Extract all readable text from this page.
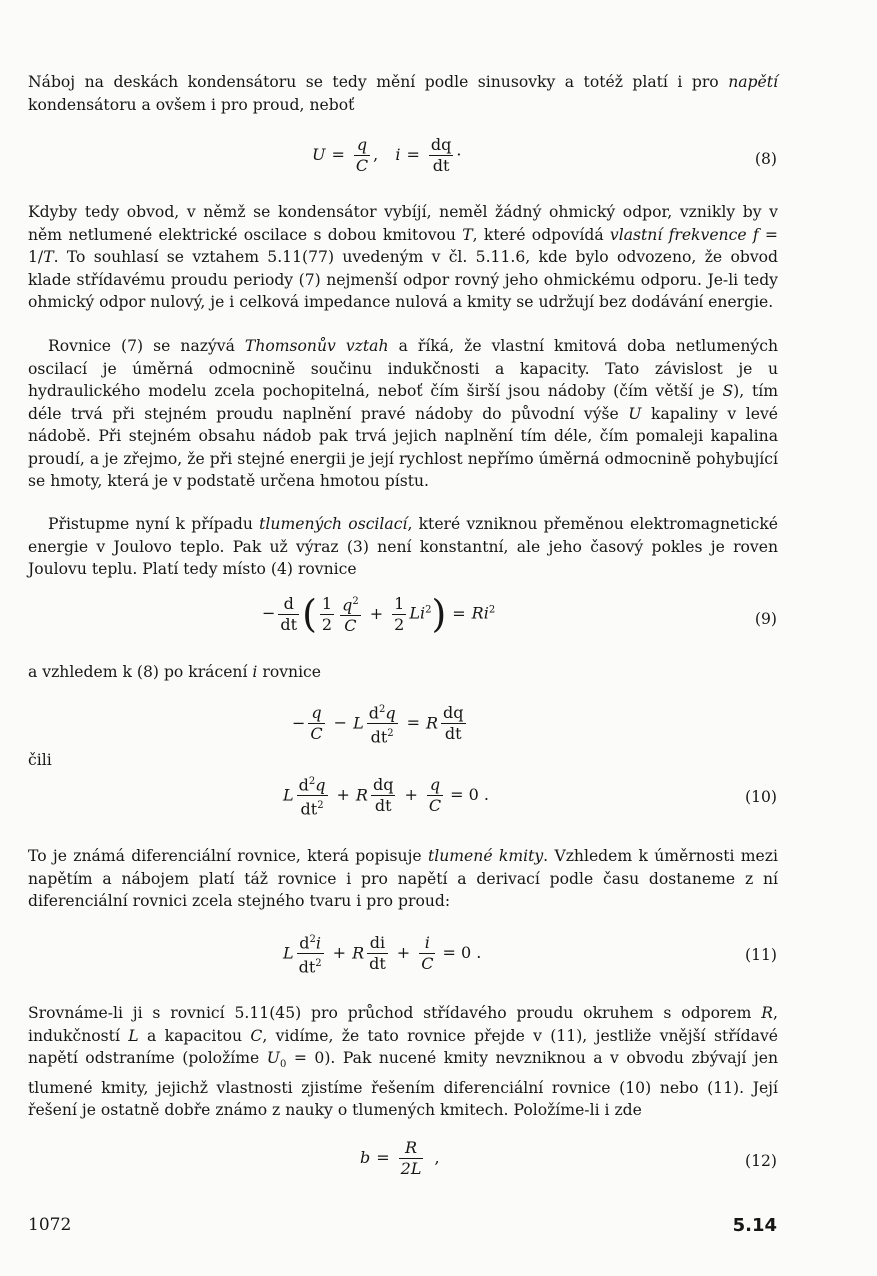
Náboj na deskách kondensátoru se tedy mění podle sinusovky a totéž platí i pro napětí kondensátoru a ovšem i pro proud, neboť

$U = \frac{q}{C}$ , $i = \frac{dq}{dt}$ ·	(8)

Kdyby tedy obvod, v němž se kondensátor vybíjí, neměl žádný ohmický odpor, vznikly by v něm netlumené elektrické oscilace s dobou kmitovou T, které odpovídá vlastní frekvence f = 1/T. To souhlasí se vztahem 5.11(77) uvedeným v čl. 5.11.6, kde bylo odvozeno, že obvod klade střídavému proudu periody (7) nejmenší odpor rovný jeho ohmickému odporu. Je-li tedy ohmický odpor nulový, je i celková impedance nulová a kmity se udržují bez dodávání energie.

Rovnice (7) se nazývá Thomsonův vztah a říká, že vlastní kmitová doba netlumených oscilací je úměrná odmocnině součinu indukčnosti a kapacity. Tato závislost je u hydraulického modelu zcela pochopitelná, neboť čím širší jsou nádoby (čím větší je S), tím déle trvá při stejném proudu naplnění pravé nádoby do původní výše U kapaliny v levé nádobě. Při stejném obsahu nádob pak trvá jejich naplnění tím déle, čím pomaleji kapalina proudí, a je zřejmo, že při stejné energii je její rychlost nepřímo úměrná odmocnině pohybující se hmoty, která je v podstatě určena hmotou pístu.

Přistupme nyní k případu tlumených oscilací, které vzniknou přeměnou elektromagnetické energie v Joulovo teplo. Pak už výraz (3) není konstantní, ale jeho časový pokles je roven Joulovu teplu. Platí tedy místo (4) rovnice

− $\frac{d}{dt}$ ( $\frac{1}{2} \frac{q^2}{C} + \frac{1}{2} Li^2) = Ri^2$
(9)

a vzhledem k (8) po krácení i rovnice

− $\frac{q}{C} - L \frac{d^2q}{dt^2} = R \frac{dq}{dt}$

čili

L $\frac{d^2q}{dt^2} + R \frac{dq}{dt} + \frac{q}{C} = 0$ .	(10)

To je známá diferenciální rovnice, která popisuje tlumené kmity. Vzhledem k úměrnosti mezi napětím a nábojem platí táž rovnice i pro napětí a derivací podle času dostaneme z ní diferenciální rovnici zcela stejného tvaru i pro proud:

L $\frac{d^2i}{dt^2} + R \frac{di}{dt} + \frac{i}{C} = 0$ .	(11)

Srovnáme-li ji s rovnicí 5.11(45) pro průchod střídavého proudu okruhem s odporem R, indukčností L a kapacitou C, vidíme, že tato rovnice přejde v (11), jestliže vnější střídavé napětí odstraníme (položíme $U_0 = 0$). Pak nucené kmity nevzniknou a v obvodu zbývají jen tlumené kmity, jejichž vlastnosti zjistíme řešením diferenciální rovnice (10) nebo (11). Její řešení je ostatně dobře známo z nauky o tlumených kmitech. Položíme-li i zde

$b = \frac{R}{2L}$ ,	(12)
1072	5.14
